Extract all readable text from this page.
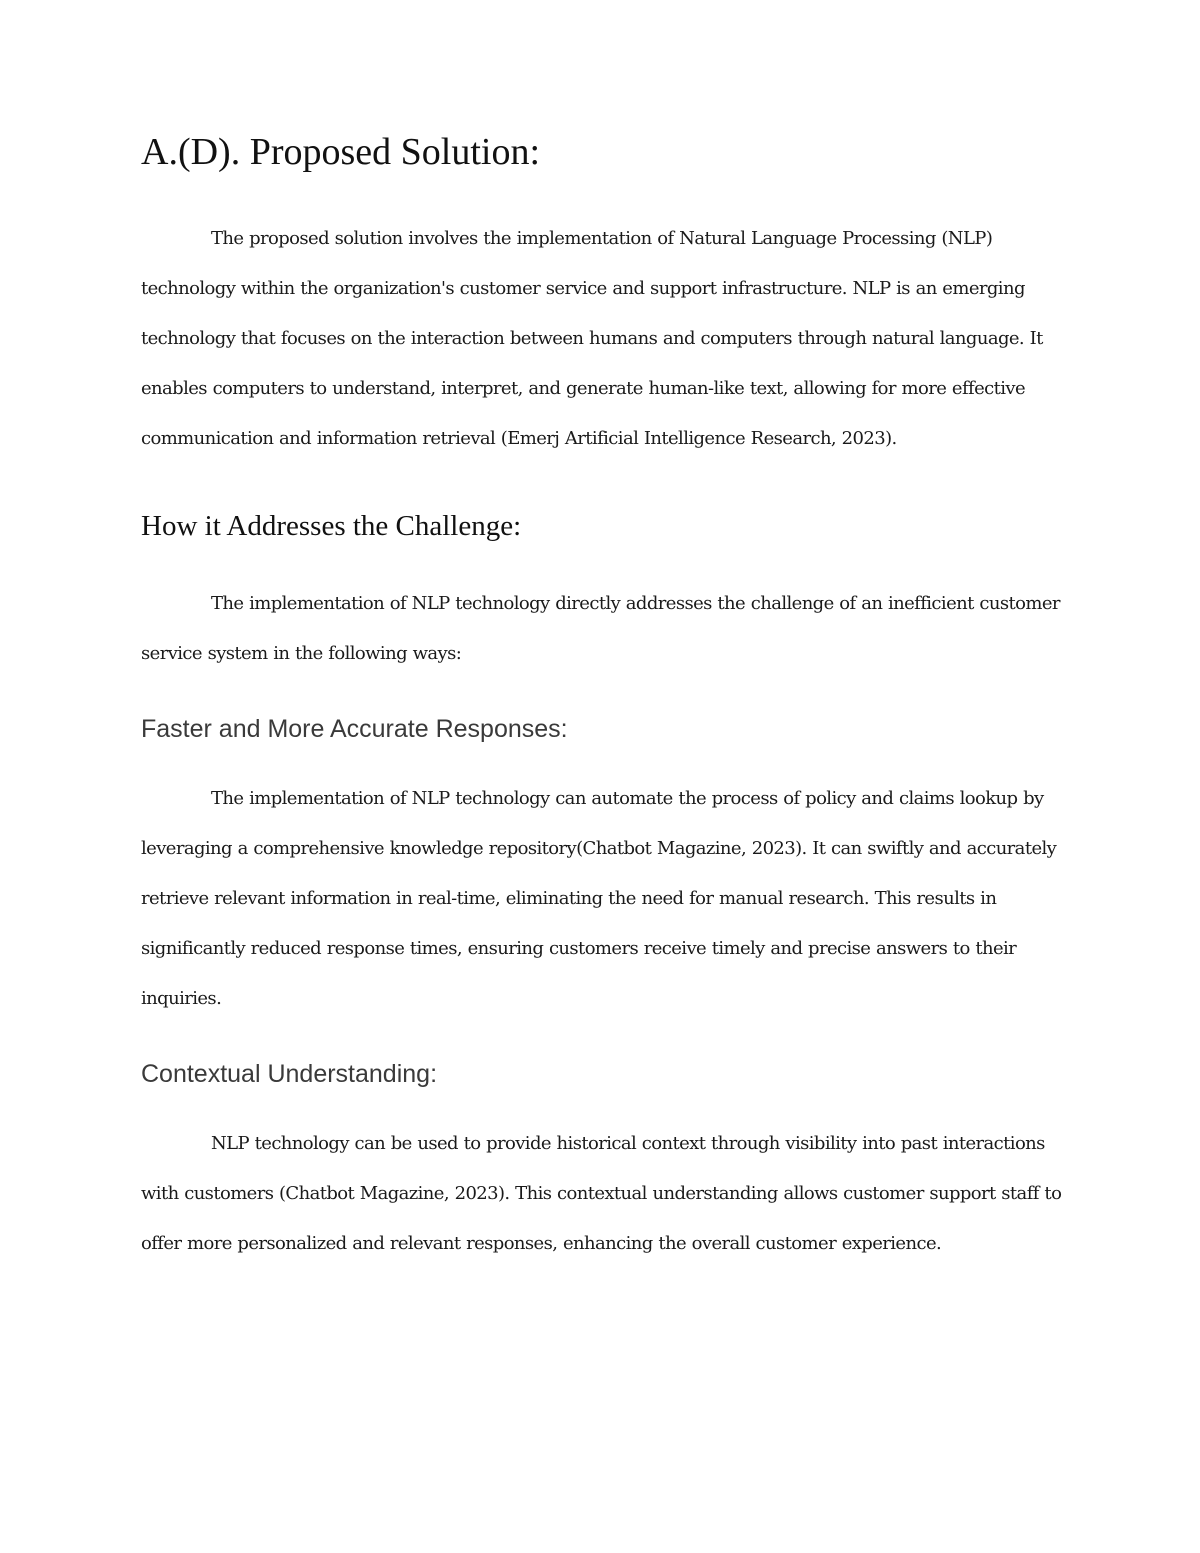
A.(D). Proposed Solution:

The proposed solution involves the implementation of Natural Language Processing (NLP) technology within the organization's customer service and support infrastructure. NLP is an emerging technology that focuses on the interaction between humans and computers through natural language. It enables computers to understand, interpret, and generate human-like text, allowing for more effective communication and information retrieval (Emerj Artificial Intelligence Research, 2023).

How it Addresses the Challenge:

The implementation of NLP technology directly addresses the challenge of an inefficient customer service system in the following ways:

Faster and More Accurate Responses:

The implementation of NLP technology can automate the process of policy and claims lookup by leveraging a comprehensive knowledge repository(Chatbot Magazine, 2023). It can swiftly and accurately retrieve relevant information in real-time, eliminating the need for manual research. This results in significantly reduced response times, ensuring customers receive timely and precise answers to their inquiries.

Contextual Understanding:

NLP technology can be used to provide historical context through visibility into past interactions with customers (Chatbot Magazine, 2023). This contextual understanding allows customer support staff to offer more personalized and relevant responses, enhancing the overall customer experience.
